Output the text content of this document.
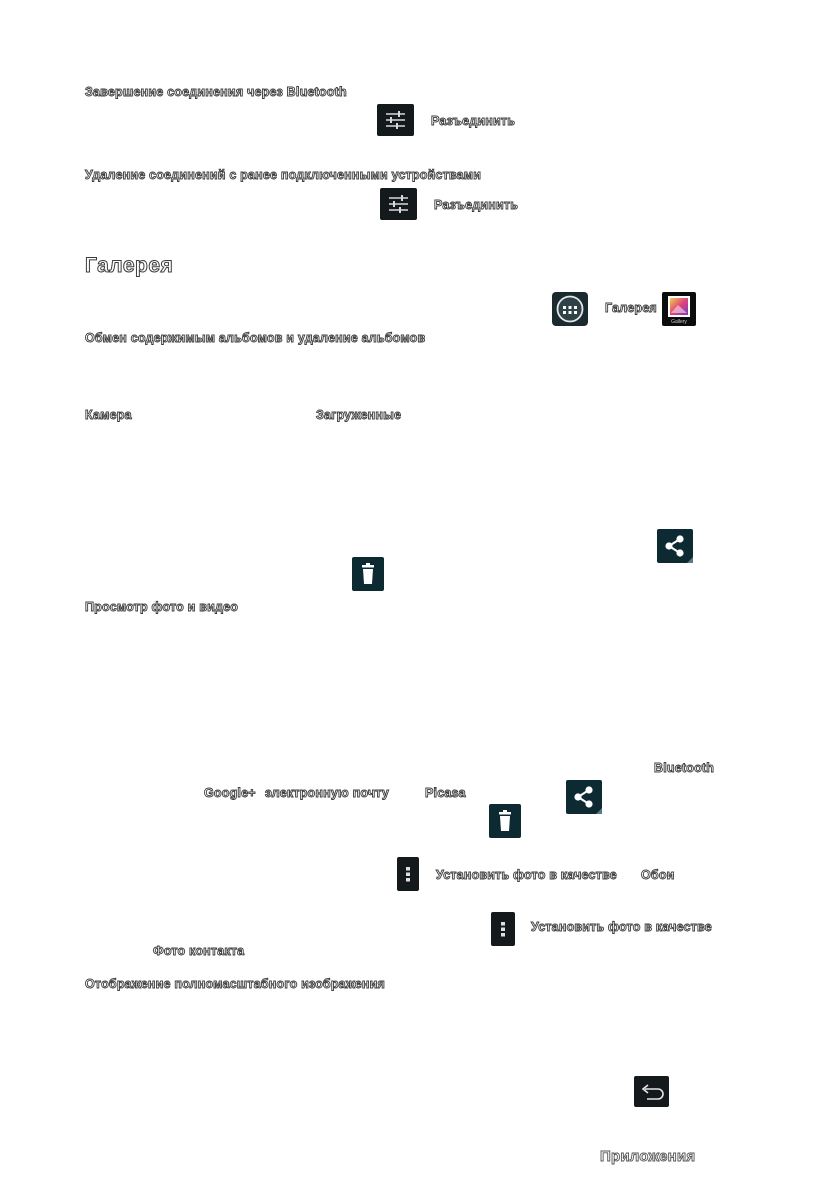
Завершение соединения через Bluetooth

Разъединить

Удаление соединений с ранее подключенными устройствами

Разъединить

Галерея

Галерея

Gallery

Обмен содержимым альбомов и удаление альбомов

Камера	Загруженные

Просмотр фото и видео

Bluetooth

Google+ электронную почту	Picasa

Установить фото в качестве Обои

Установить фото в качестве

Фото контакта

Отображение полномасштабного изображения

Приложения
